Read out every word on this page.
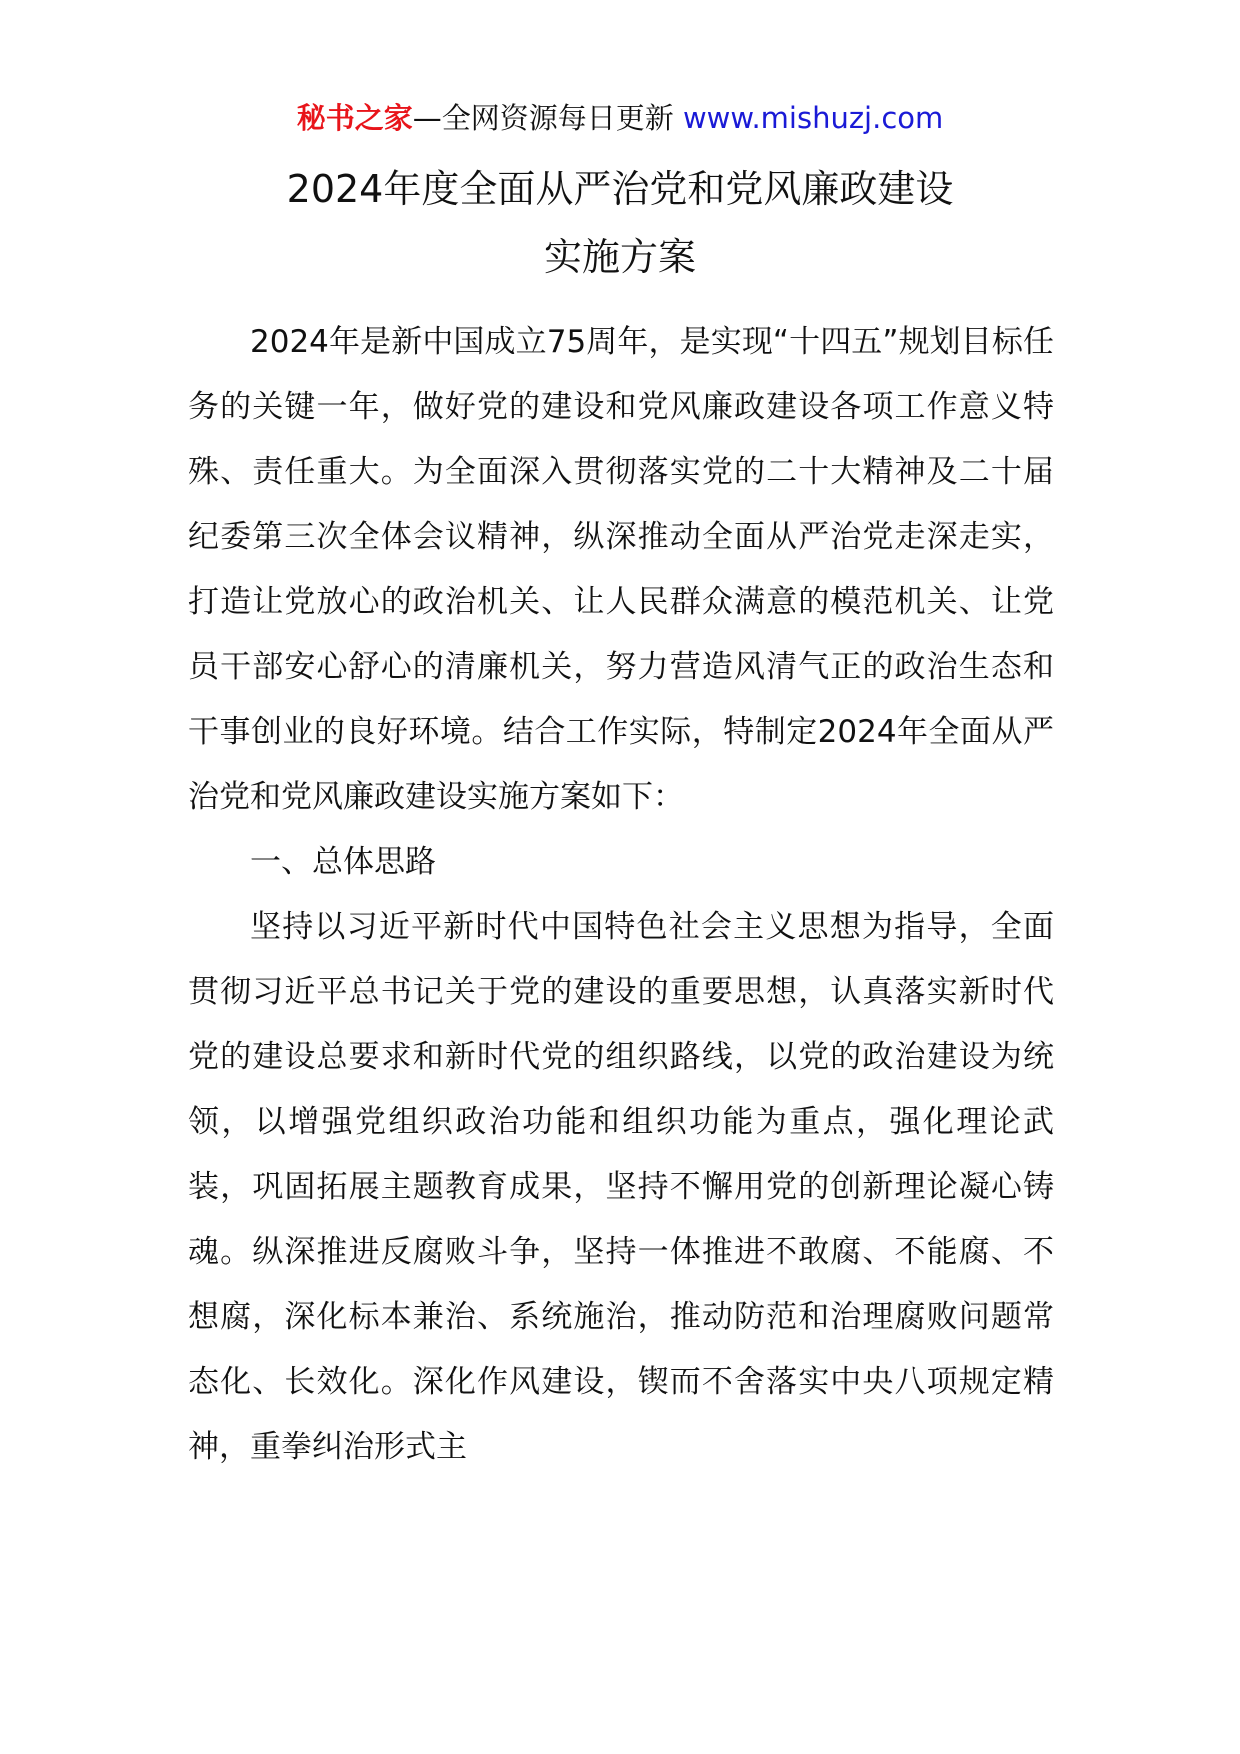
秘书之家—全网资源每日更新 www.mishuzj.com
2024年度全面从严治党和党风廉政建设
实施方案

2024年是新中国成立75周年，是实现“十四五”规划目标任务的关键一年，做好党的建设和党风廉政建设各项工作意义特殊、责任重大。为全面深入贯彻落实党的二十大精神及二十届纪委第三次全体会议精神，纵深推动全面从严治党走深走实，打造让党放心的政治机关、让人民群众满意的模范机关、让党员干部安心舒心的清廉机关，努力营造风清气正的政治生态和干事创业的良好环境。结合工作实际，特制定2024年全面从严治党和党风廉政建设实施方案如下：

一、总体思路

坚持以习近平新时代中国特色社会主义思想为指导，全面贯彻习近平总书记关于党的建设的重要思想，认真落实新时代党的建设总要求和新时代党的组织路线，以党的政治建设为统领，以增强党组织政治功能和组织功能为重点，强化理论武装，巩固拓展主题教育成果，坚持不懈用党的创新理论凝心铸魂。纵深推进反腐败斗争，坚持一体推进不敢腐、不能腐、不想腐，深化标本兼治、系统施治，推动防范和治理腐败问题常态化、长效化。深化作风建设，锲而不舍落实中央八项规定精神，重拳纠治形式主
